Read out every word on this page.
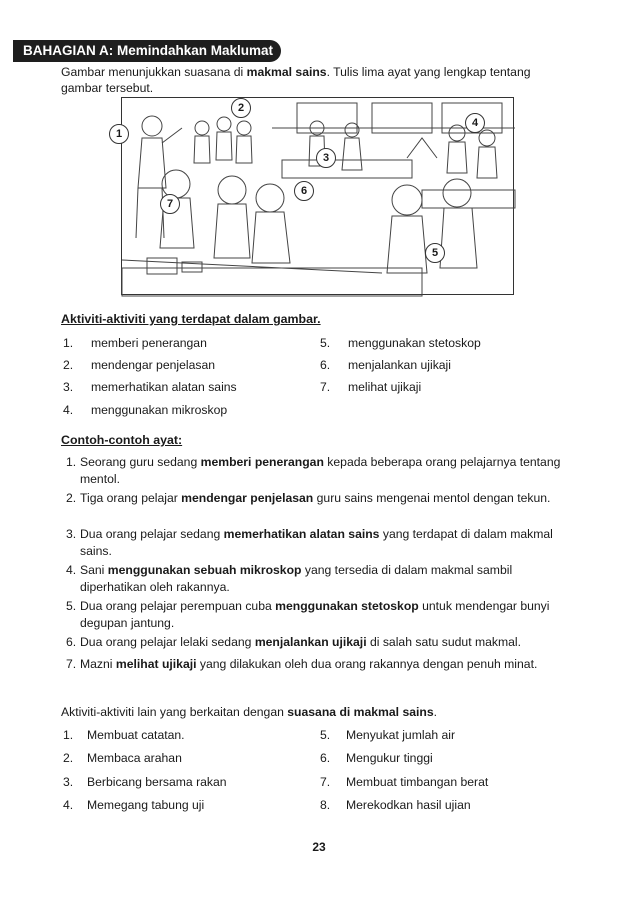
BAHAGIAN A: Memindahkan Maklumat
Gambar menunjukkan suasana di makmal sains. Tulis lima ayat yang lengkap tentang gambar tersebut.
1
2
3
4
5
6
7
Aktiviti-aktiviti yang terdapat dalam gambar.
1. memberi penerangan
2. mendengar penjelasan
3. memerhatikan alatan sains
4. menggunakan mikroskop
5. menggunakan stetoskop
6. menjalankan ujikaji
7. melihat ujikaji
Contoh-contoh ayat:
1. Seorang guru sedang memberi penerangan kepada beberapa orang pelajarnya tentang mentol.
2. Tiga orang pelajar mendengar penjelasan guru sains mengenai mentol dengan tekun.
3. Dua orang pelajar sedang memerhatikan alatan sains yang terdapat di dalam makmal sains.
4. Sani menggunakan sebuah mikroskop yang tersedia di dalam makmal sambil diperhatikan oleh rakannya.
5. Dua orang pelajar perempuan cuba menggunakan stetoskop untuk mendengar bunyi degupan jantung.
6. Dua orang pelajar lelaki sedang menjalankan ujikaji di salah satu sudut makmal.
7. Mazni melihat ujikaji yang dilakukan oleh dua orang rakannya dengan penuh minat.
Aktiviti-aktiviti lain yang berkaitan dengan suasana di makmal sains.
1. Membuat catatan.
2. Membaca arahan
3. Berbicang bersama rakan
4. Memegang tabung uji
5. Menyukat jumlah air
6. Mengukur tinggi
7. Membuat timbangan berat
8. Merekodkan hasil ujian
23
